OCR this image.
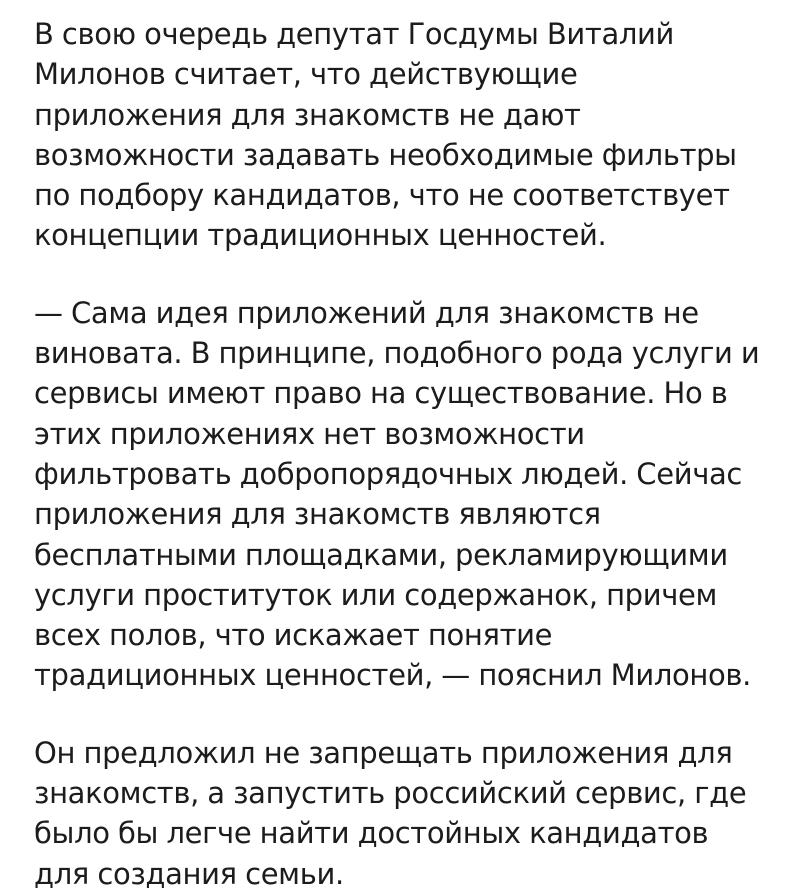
В свою очередь депутат Госдумы Виталий
Милонов считает, что действующие
приложения для знакомств не дают
возможности задавать необходимые фильтры
по подбору кандидатов, что не соответствует
концепции традиционных ценностей.

— Сама идея приложений для знакомств не
виновата. В принципе, подобного рода услуги и
сервисы имеют право на существование. Но в
этих приложениях нет возможности
фильтровать добропорядочных людей. Сейчас
приложения для знакомств являются
бесплатными площадками, рекламирующими
услуги проституток или содержанок, причем
всех полов, что искажает понятие
традиционных ценностей, — пояснил Милонов.

Он предложил не запрещать приложения для
знакомств, а запустить российский сервис, где
было бы легче найти достойных кандидатов
для создания семьи.
